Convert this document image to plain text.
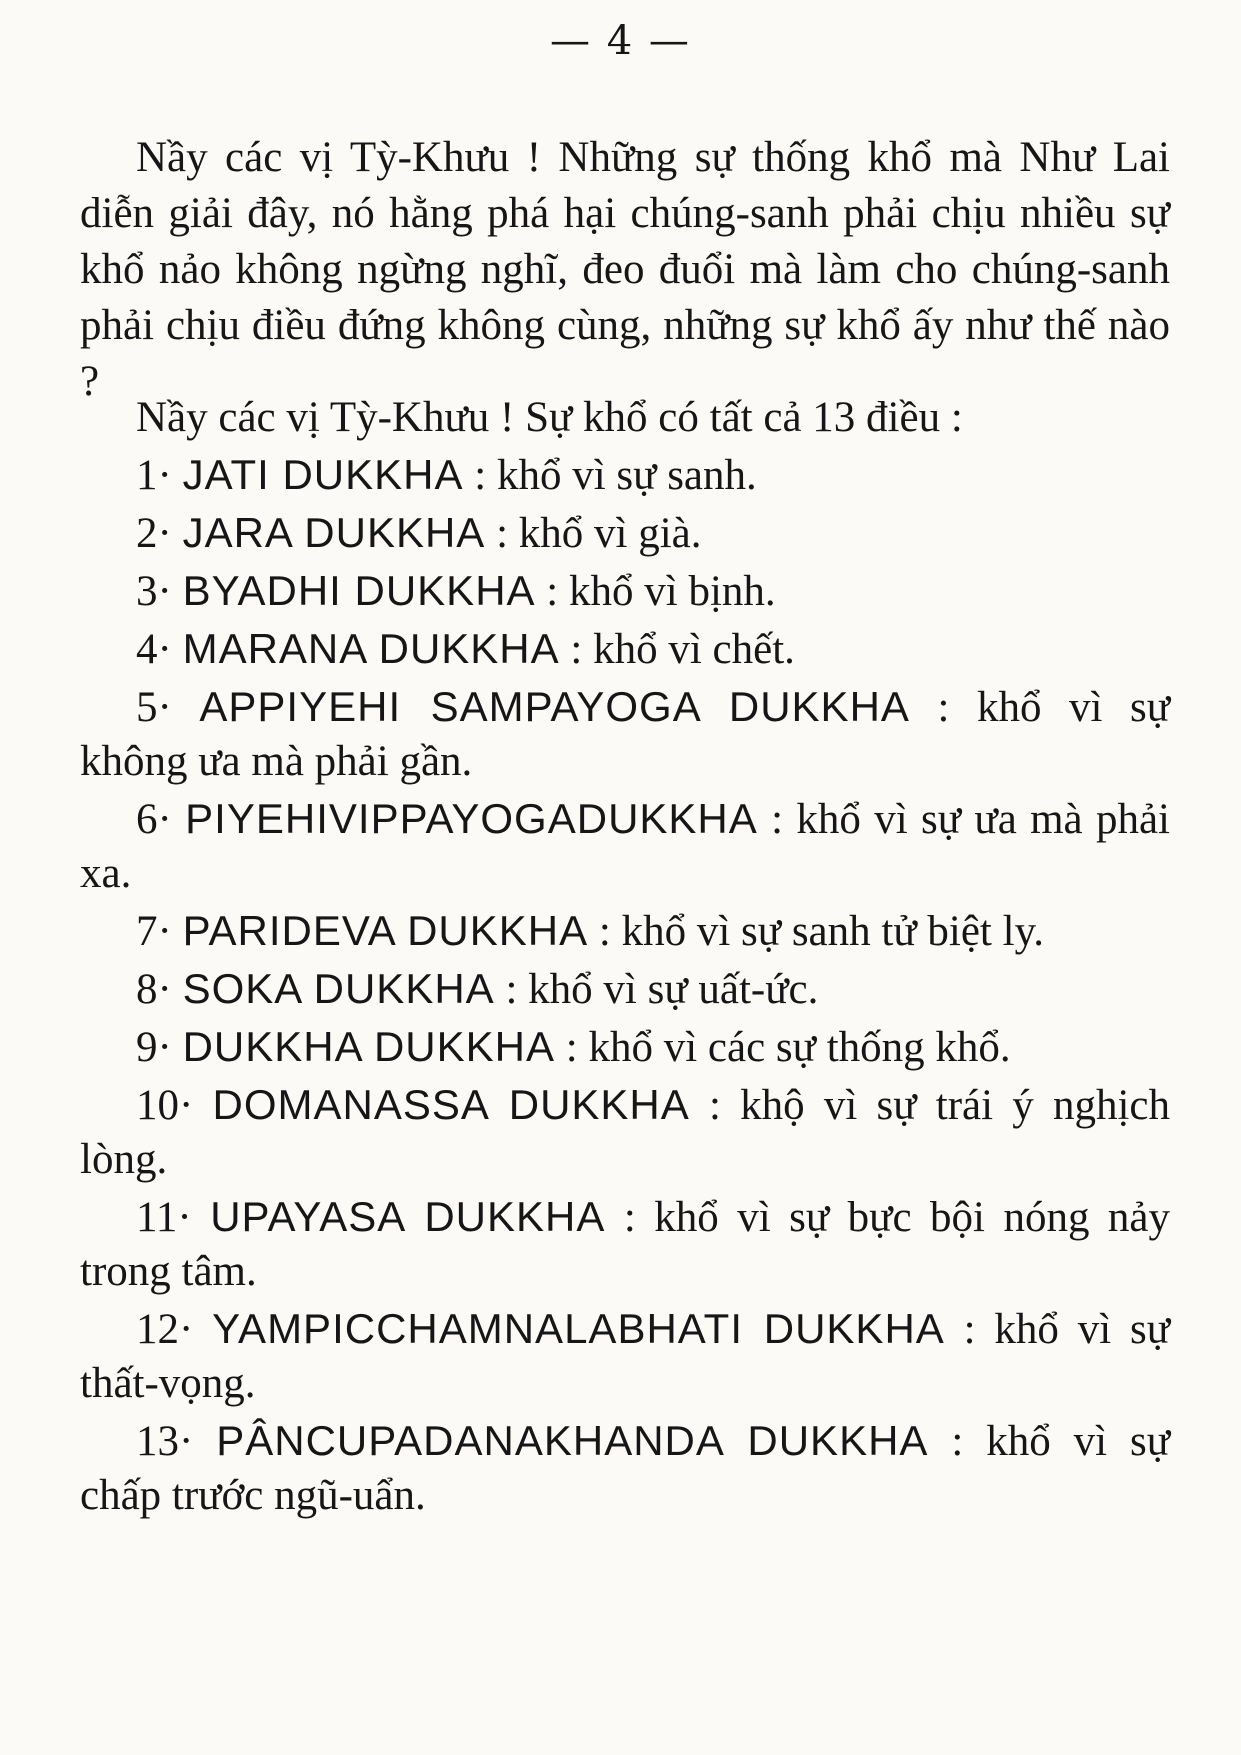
— 4 —

Nầy các vị Tỳ-Khưu ! Những sự thống khổ mà Như Lai diễn giải đây, nó hằng phá hại chúng-sanh phải chịu nhiều sự khổ nảo không ngừng nghĩ, đeo đuổi mà làm cho chúng-sanh phải chịu điều đứng không cùng, những sự khổ ấy như thế nào ?

Nầy các vị Tỳ-Khưu ! Sự khổ có tất cả 13 điều :

1· JATI DUKKHA : khổ vì sự sanh.
2· JARA DUKKHA : khổ vì già.
3· BYADHI DUKKHA : khổ vì bịnh.
4· MARANA DUKKHA : khổ vì chết.
5· APPIYEHI SAMPAYOGA DUKKHA : khổ vì sự không ưa mà phải gần.
6· PIYEHIVIPPAYOGADUKKHA : khổ vì sự ưa mà phải xa.
7· PARIDEVA DUKKHA : khổ vì sự sanh tử biệt ly.
8· SOKA DUKKHA : khổ vì sự uất-ức.
9· DUKKHA DUKKHA : khổ vì các sự thống khổ.
10· DOMANASSA DUKKHA : khộ vì sự trái ý nghịch lòng.
11· UPAYASA DUKKHA : khổ vì sự bực bội nóng nảy trong tâm.
12· YAMPICCHAMNALABHATI DUKKHA : khổ vì sự thất-vọng.
13· PÂNCUPADANAKHANDA DUKKHA : khổ vì sự chấp trước ngũ-uẩn.
